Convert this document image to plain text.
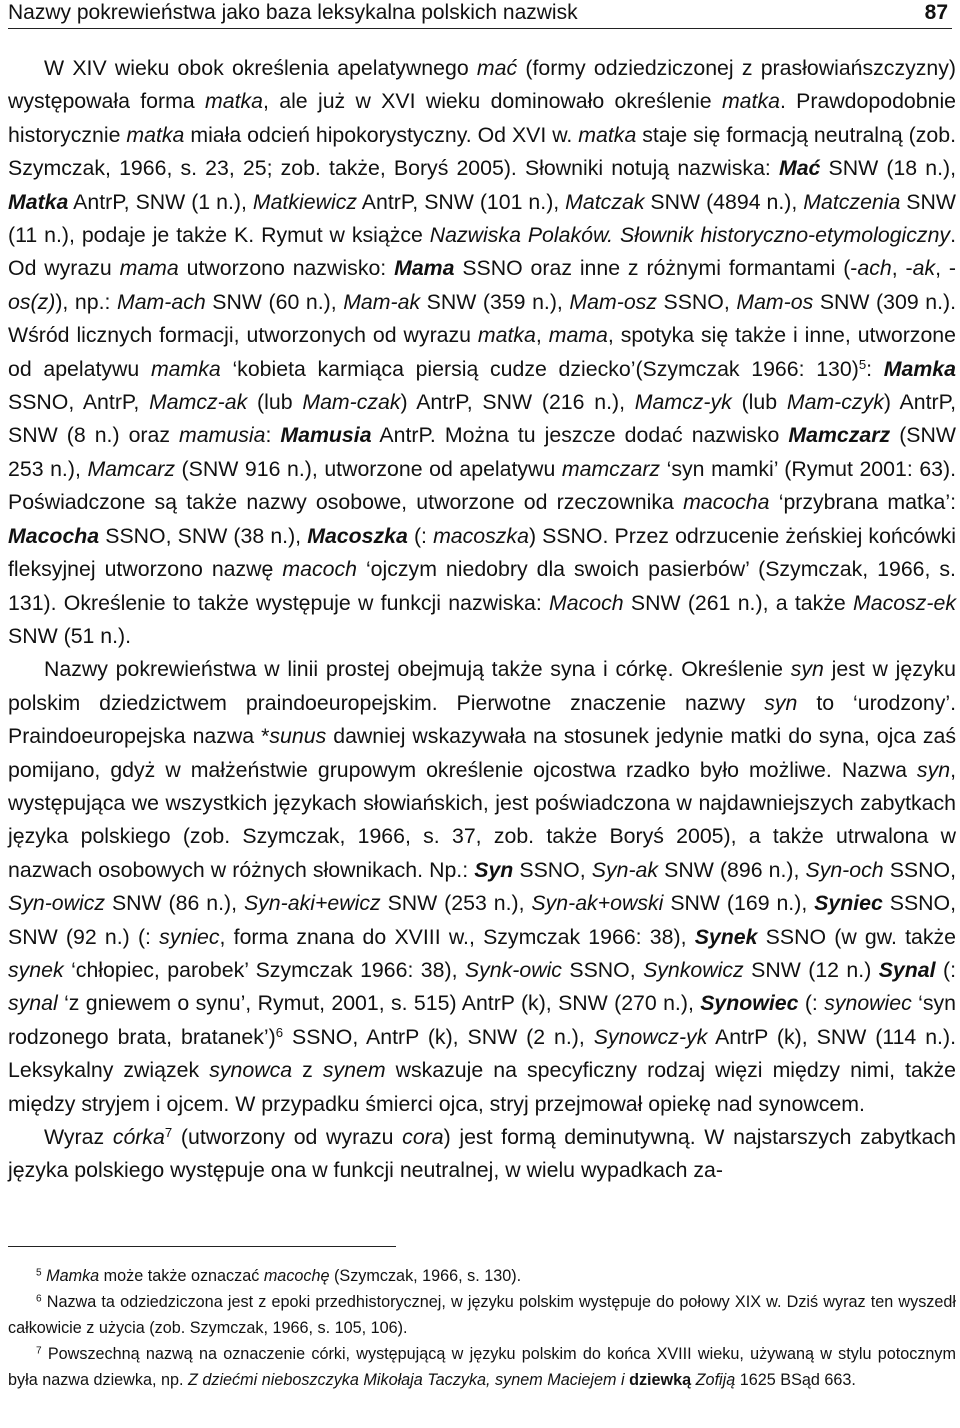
Nazwy pokrewieństwa jako baza leksykalna polskich nazwisk	87

W XIV wieku obok określenia apelatywnego mać (formy odziedziczonej z prasłowiańszczyzny) występowała forma matka, ale już w XVI wieku dominowało określenie matka. Prawdopodobnie historycznie matka miała odcień hipokorystyczny. Od XVI w. matka staje się formacją neutralną (zob. Szymczak, 1966, s. 23, 25; zob. także, Boryś 2005). Słowniki notują nazwiska: Mać SNW (18 n.), Matka AntrP, SNW (1 n.), Matkiewicz AntrP, SNW (101 n.), Matczak SNW (4894 n.), Matczenia SNW (11 n.), podaje je także K. Rymut w książce Nazwiska Polaków. Słownik historyczno-etymologiczny. Od wyrazu mama utworzono nazwisko: Mama SSNO oraz inne z różnymi formantami (-ach, -ak, -os(z)), np.: Mam-ach SNW (60 n.), Mam-ak SNW (359 n.), Mam-osz SSNO, Mam-os SNW (309 n.). Wśród licznych formacji, utworzonych od wyrazu matka, mama, spotyka się także i inne, utworzone od apelatywu mamka ‘kobieta karmiąca piersią cudze dziecko’(Szymczak 1966: 130)$^5$: Mamka SSNO, AntrP, Mamcz-ak (lub Mam-czak) AntrP, SNW (216 n.), Mamcz-yk (lub Mam-czyk) AntrP, SNW (8 n.) oraz mamusia: Mamusia AntrP. Można tu jeszcze dodać nazwisko Mamczarz (SNW 253 n.), Mamcarz (SNW 916 n.), utworzone od apelatywu mamczarz ‘syn mamki’ (Rymut 2001: 63). Poświadczone są także nazwy osobowe, utworzone od rzeczownika macocha ‘przybrana matka’: Macocha SSNO, SNW (38 n.), Macoszka (: macoszka) SSNO. Przez odrzucenie żeńskiej końcówki fleksyjnej utworzono nazwę macoch ‘ojczym niedobry dla swoich pasierbów’ (Szymczak, 1966, s. 131). Określenie to także występuje w funkcji nazwiska: Macoch SNW (261 n.), a także Macosz-ek SNW (51 n.).

Nazwy pokrewieństwa w linii prostej obejmują także syna i córkę. Określenie syn jest w języku polskim dziedzictwem praindoeuropejskim. Pierwotne znaczenie nazwy syn to ‘urodzony’. Praindoeuropejska nazwa *sunus dawniej wskazywała na stosunek jedynie matki do syna, ojca zaś pomijano, gdyż w małżeństwie grupowym określenie ojcostwa rzadko było możliwe. Nazwa syn, występująca we wszystkich językach słowiańskich, jest poświadczona w najdawniejszych zabytkach języka polskiego (zob. Szymczak, 1966, s. 37, zob. także Boryś 2005), a także utrwalona w nazwach osobowych w różnych słownikach. Np.: Syn SSNO, Syn-ak SNW (896 n.), Syn-och SSNO, Syn-owicz SNW (86 n.), Syn-aki+ewicz SNW (253 n.), Syn-ak+owski SNW (169 n.), Syniec SSNO, SNW (92 n.) (: syniec, forma znana do XVIII w., Szymczak 1966: 38), Synek SSNO (w gw. także synek ‘chłopiec, parobek’ Szymczak 1966: 38), Synk-owic SSNO, Synkowicz SNW (12 n.) Synal (: synal ‘z gniewem o synu’, Rymut, 2001, s. 515) AntrP (k), SNW (270 n.), Synowiec (: synowiec ‘syn rodzonego brata, bratanek’)$^6$ SSNO, AntrP (k), SNW (2 n.), Synowcz-yk AntrP (k), SNW (114 n.). Leksykalny związek synowca z synem wskazuje na specyficzny rodzaj więzi między nimi, także między stryjem i ojcem. W przypadku śmierci ojca, stryj przejmował opiekę nad synowcem.

Wyraz córka$^7$ (utworzony od wyrazu cora) jest formą deminutywną. W najstarszych zabytkach języka polskiego występuje ona w funkcji neutralnej, w wielu wypadkach za-

$^5$ Mamka może także oznaczać macochę (Szymczak, 1966, s. 130).

$^6$ Nazwa ta odziedziczona jest z epoki przedhistorycznej, w języku polskim występuje do połowy XIX w. Dziś wyraz ten wyszedł całkowicie z użycia (zob. Szymczak, 1966, s. 105, 106).

$^7$ Powszechną nazwą na oznaczenie córki, występującą w języku polskim do końca XVIII wieku, używaną w stylu potocznym była nazwa dziewka, np. Z dziećmi nieboszczyka Mikołaja Taczyka, synem Maciejem i dziewką Zofiją 1625 BSąd 663.
